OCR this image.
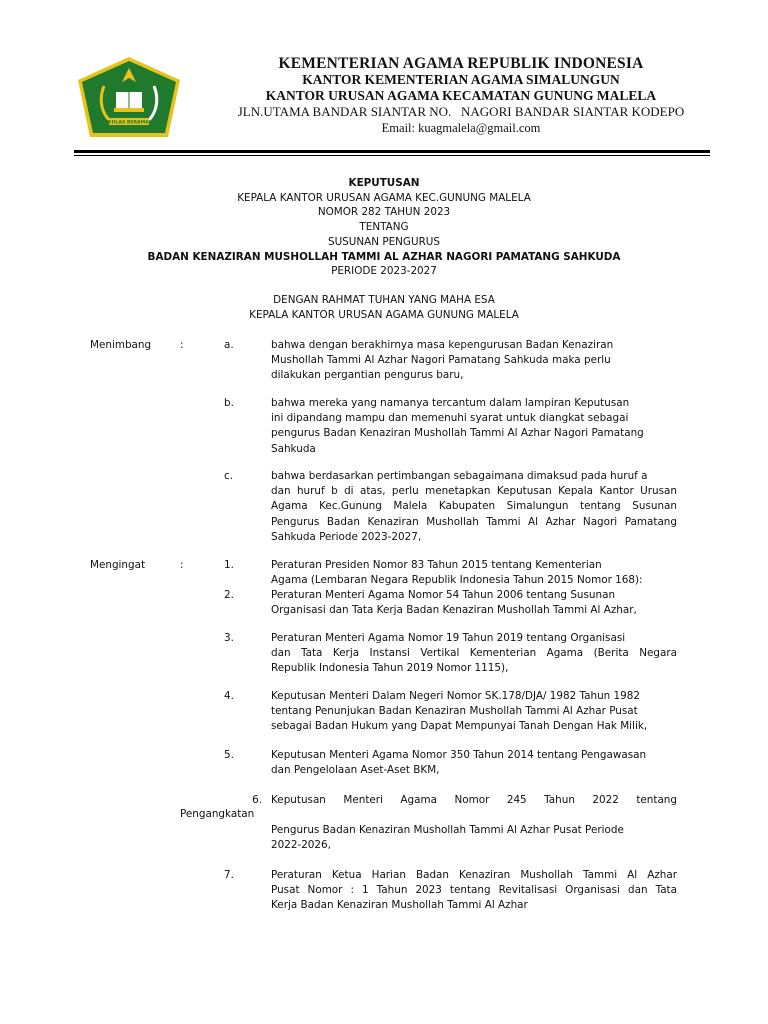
IKHLAS BERAMAL
KEMENTERIAN AGAMA REPUBLIK INDONESIA
KANTOR KEMENTERIAN AGAMA SIMALUNGUN
KANTOR URUSAN AGAMA KECAMATAN GUNUNG MALELA
JLN.UTAMA BANDAR SIANTAR NO.   NAGORI BANDAR SIANTAR KODEPO
Email: kuagmalela@gmail.com
KEPUTUSAN
KEPALA KANTOR URUSAN AGAMA KEC.GUNUNG MALELA
NOMOR 282 TAHUN 2023
TENTANG
SUSUNAN PENGURUS
BADAN KENAZIRAN MUSHOLLAH TAMMI AL AZHAR NAGORI PAMATANG SAHKUDA
PERIODE 2023-2027
DENGAN RAHMAT TUHAN YANG MAHA ESA
KEPALA KANTOR URUSAN AGAMA GUNUNG MALELA
Menimbang	:	a.	bahwa dengan berakhirnya masa kepengurusan Badan Kenaziran
Mushollah Tammi Al Azhar Nagori Pamatang Sahkuda maka perlu
dilakukan pergantian pengurus baru,
b.	bahwa mereka yang namanya tercantum dalam lampiran Keputusan
ini dipandang mampu dan memenuhi syarat untuk diangkat sebagai
pengurus Badan Kenaziran Mushollah Tammi Al Azhar Nagori Pamatang
Sahkuda
c.	bahwa berdasarkan pertimbangan sebagaimana dimaksud pada huruf a
dan huruf b di atas, perlu menetapkan Keputusan Kepala Kantor Urusan
Agama Kec.Gunung Malela Kabupaten Simalungun tentang Susunan
Pengurus Badan Kenaziran Mushollah Tammi Al Azhar Nagori Pamatang
Sahkuda Periode 2023-2027,
Mengingat	:	1.	Peraturan Presiden Nomor 83 Tahun 2015 tentang Kementerian
Agama (Lembaran Negara Republik Indonesia Tahun 2015 Nomor 168):
2.	Peraturan Menteri Agama Nomor 54 Tahun 2006 tentang Susunan
Organisasi dan Tata Kerja Badan Kenaziran Mushollah Tammi Al Azhar,
3.	Peraturan Menteri Agama Nomor 19 Tahun 2019 tentang Organisasi
dan Tata Kerja Instansi Vertikal Kementerian Agama (Berita Negara
Republik Indonesia Tahun 2019 Nomor 1115),
4.	Keputusan Menteri Dalam Negeri Nomor SK.178/DJA/ 1982 Tahun 1982
tentang Penunjukan Badan Kenaziran Mushollah Tammi Al Azhar Pusat
sebagai Badan Hukum yang Dapat Mempunyai Tanah Dengan Hak Milik,
5.	Keputusan Menteri Agama Nomor 350 Tahun 2014 tentang Pengawasan
dan Pengelolaan Aset-Aset BKM,
6. Keputusan Menteri Agama Nomor 245 Tahun 2022 tentang
Pengangkatan
Pengurus Badan Kenaziran Mushollah Tammi Al Azhar Pusat Periode
2022-2026,
7.	Peraturan Ketua Harian Badan Kenaziran Mushollah Tammi Al Azhar
Pusat Nomor : 1 Tahun 2023 tentang Revitalisasi Organisasi dan Tata
Kerja Badan Kenaziran Mushollah Tammi Al Azhar
